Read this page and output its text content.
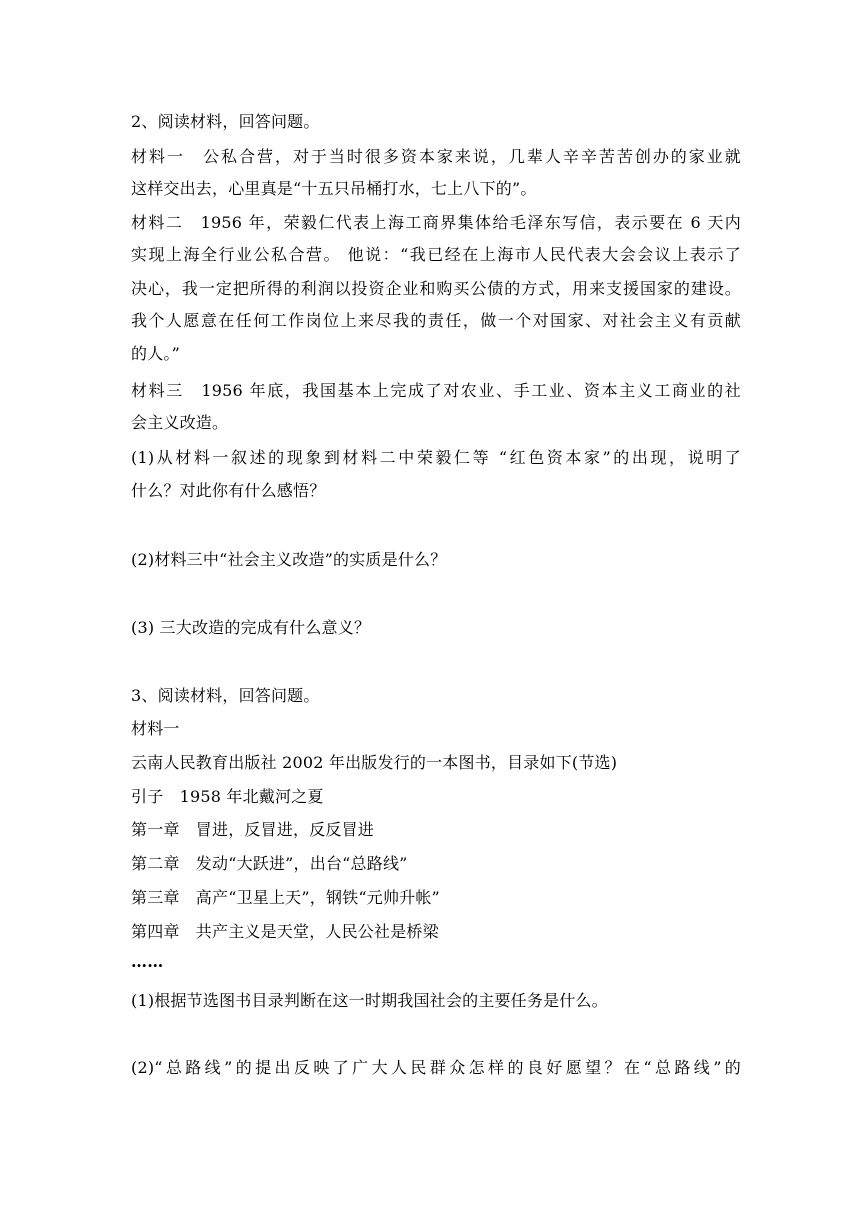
2、阅读材料，回答问题。
材料一　公私合营，对于当时很多资本家来说，几辈人辛辛苦苦创办的家业就
这样交出去，心里真是“十五只吊桶打水，七上八下的”。
材料二　1956 年，荣毅仁代表上海工商界集体给毛泽东写信，表示要在 6 天内
实现上海全行业公私合营。 他说：“我已经在上海市人民代表大会会议上表示了
决心，我一定把所得的利润以投资企业和购买公债的方式，用来支援国家的建设。
我个人愿意在任何工作岗位上来尽我的责任，做一个对国家、对社会主义有贡献
的人。”
材料三　1956 年底，我国基本上完成了对农业、手工业、资本主义工商业的社
会主义改造。
(1)从材料一叙述的现象到材料二中荣毅仁等 “红色资本家”的出现，说明了
什么？对此你有什么感悟？
(2)材料三中“社会主义改造”的实质是什么？
(3) 三大改造的完成有什么意义？
3、阅读材料，回答问题。
材料一
云南人民教育出版社 2002 年出版发行的一本图书，目录如下(节选)
引子　1958 年北戴河之夏
第一章　冒进，反冒进，反反冒进
第二章　发动“大跃进”，出台“总路线”
第三章　高产“卫星上天”，钢铁“元帅升帐”
第四章　共产主义是天堂，人民公社是桥梁
……
(1)根据节选图书目录判断在这一时期我国社会的主要任务是什么。
(2)“总路线”的提出反映了广大人民群众怎样的良好愿望？在“总路线”的
